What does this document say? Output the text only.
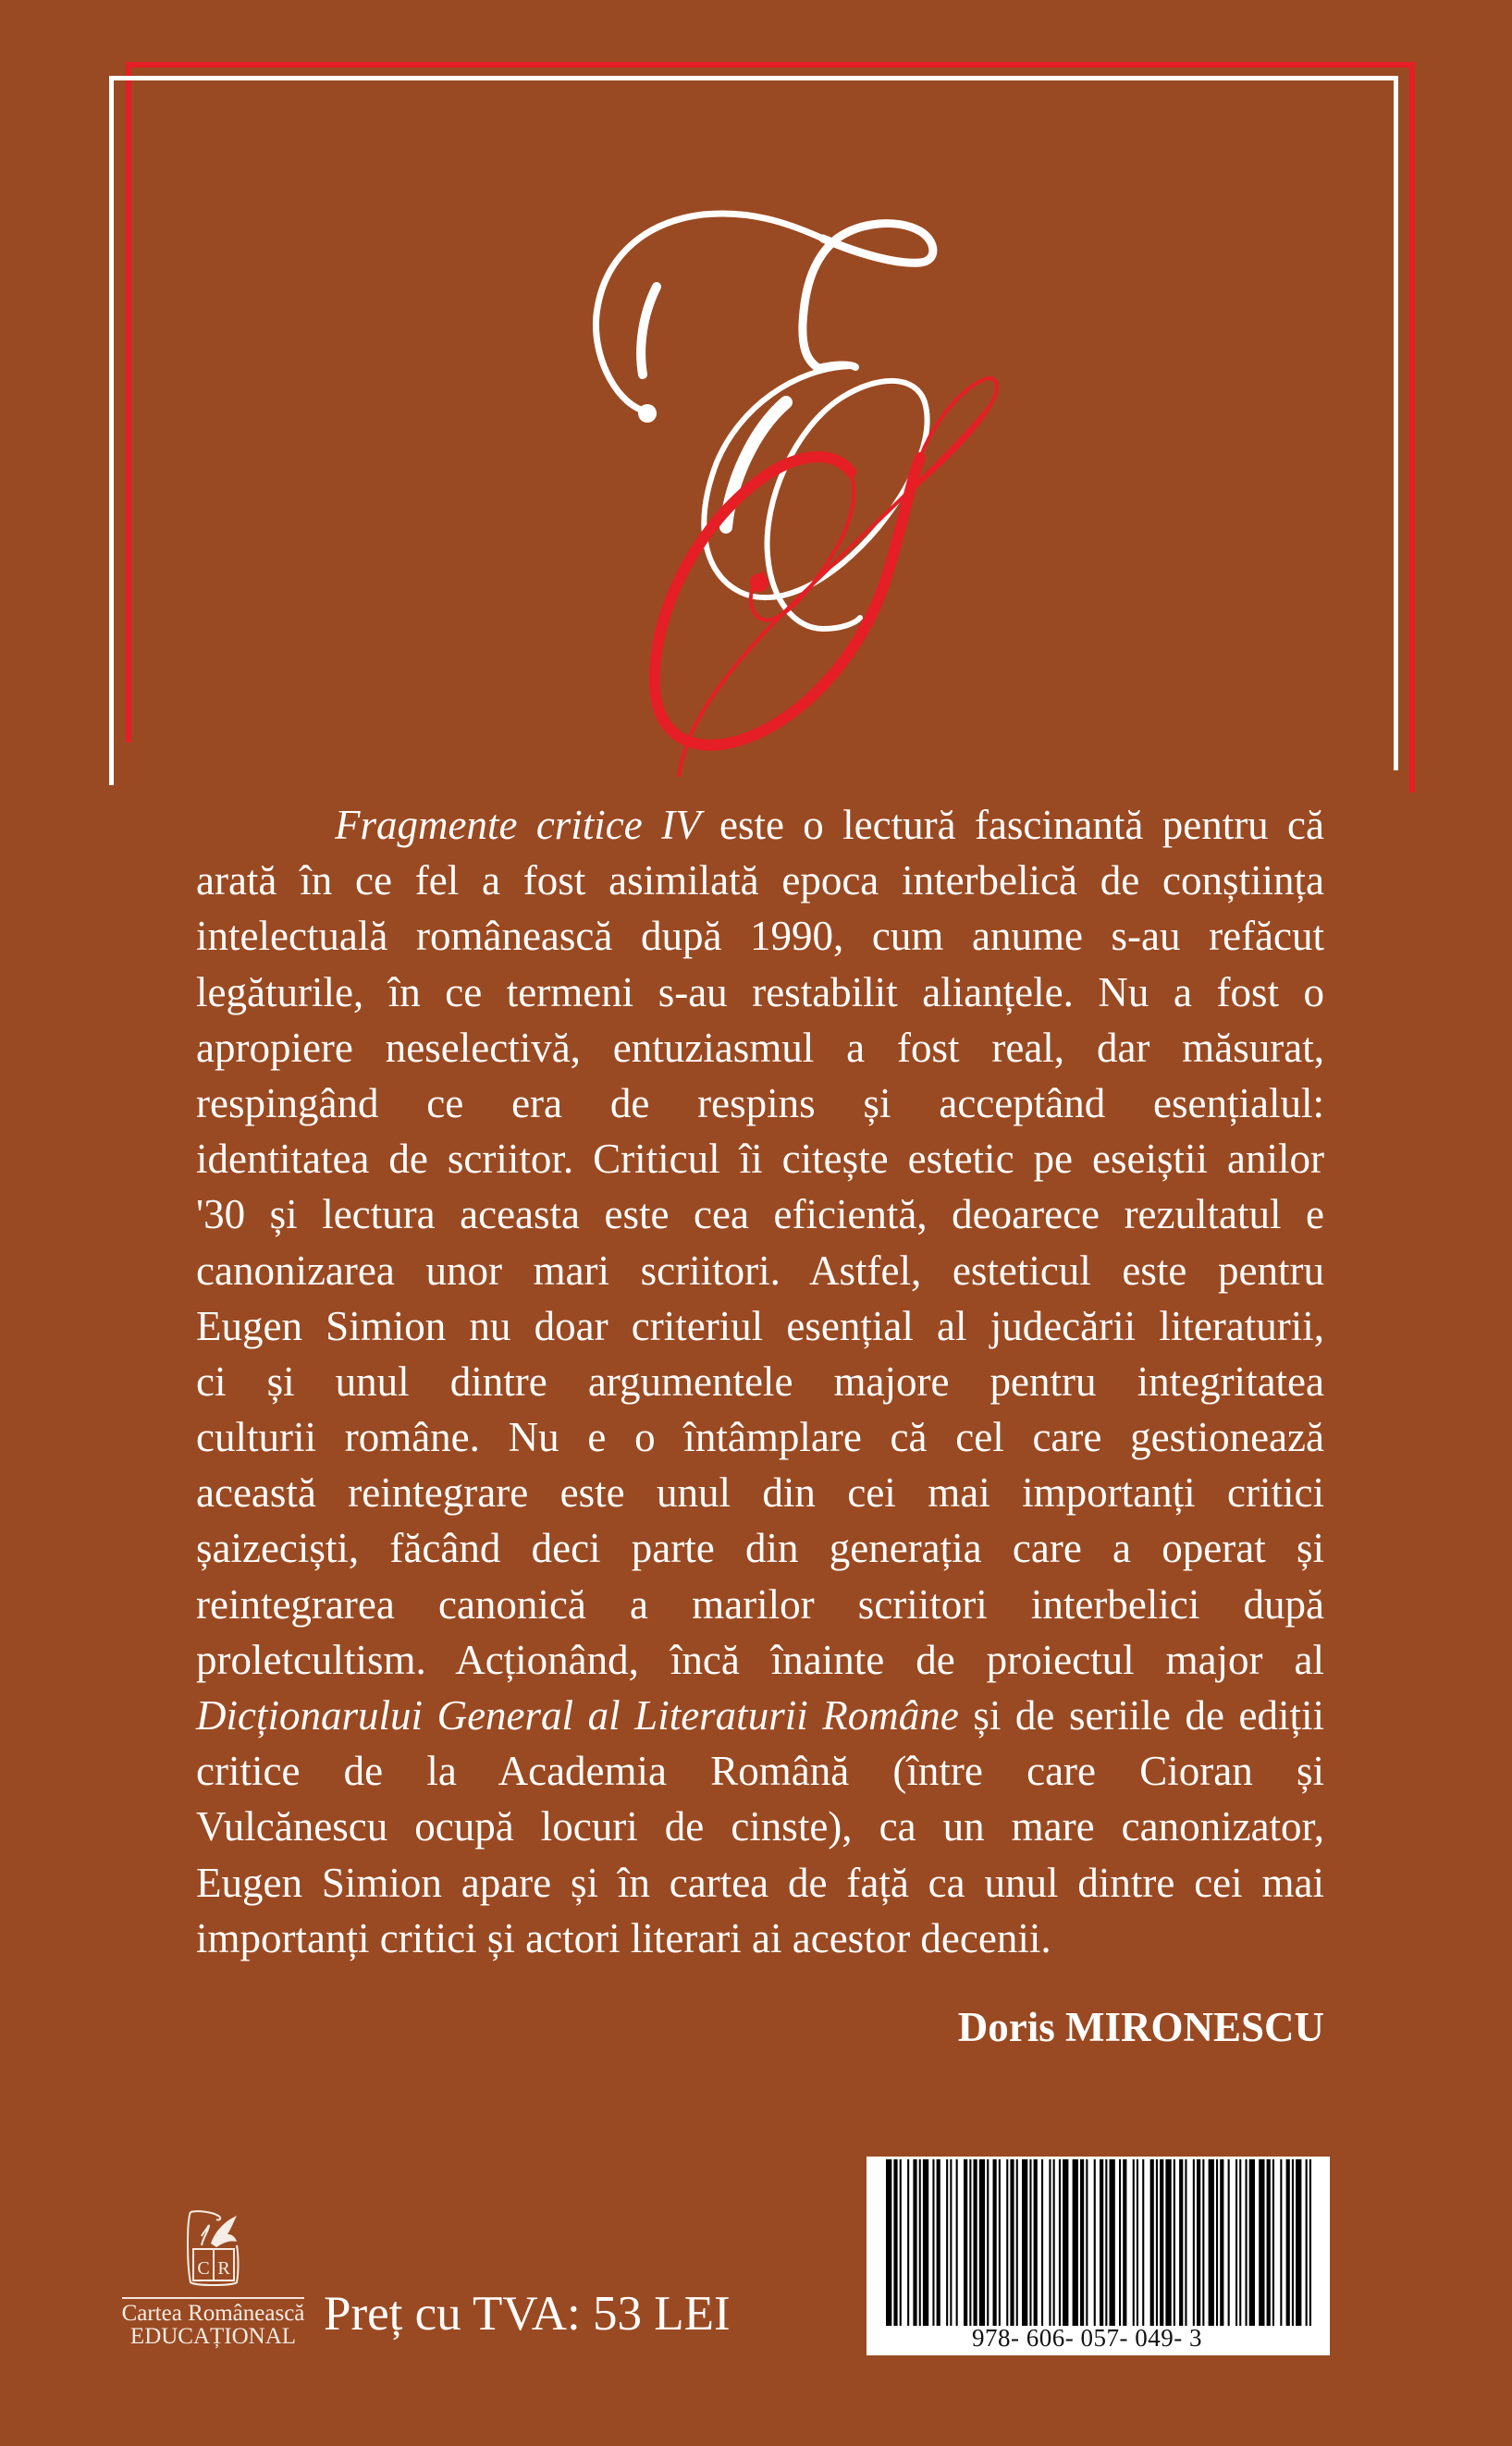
Fragmente critice IV este o lectură fascinantă pentru că
arată în ce fel a fost asimilată epoca interbelică de conștiința
intelectuală românească după 1990, cum anume s-au refăcut
legăturile, în ce termeni s-au restabilit alianțele. Nu a fost o
apropiere neselectivă, entuziasmul a fost real, dar măsurat,
respingând ce era de respins și acceptând esențialul:
identitatea de scriitor. Criticul îi citește estetic pe eseiștii anilor
'30 și lectura aceasta este cea eficientă, deoarece rezultatul e
canonizarea unor mari scriitori. Astfel, esteticul este pentru
Eugen Simion nu doar criteriul esențial al judecării literaturii,
ci și unul dintre argumentele majore pentru integritatea
culturii române. Nu e o întâmplare că cel care gestionează
această reintegrare este unul din cei mai importanți critici
șaizeciști, făcând deci parte din generația care a operat și
reintegrarea canonică a marilor scriitori interbelici după
proletcultism. Acționând, încă înainte de proiectul major al
Dicționarului General al Literaturii Române și de seriile de ediții
critice de la Academia Română (între care Cioran și
Vulcănescu ocupă locuri de cinste), ca un mare canonizator,
Eugen Simion apare și în cartea de față ca unul dintre cei mai
importanți critici și actori literari ai acestor decenii.
Doris MIRONESCU
C R
Cartea Românească
EDUCAȚIONAL Preț cu TVA: 53 LEI	978- 606- 057- 049- 3
